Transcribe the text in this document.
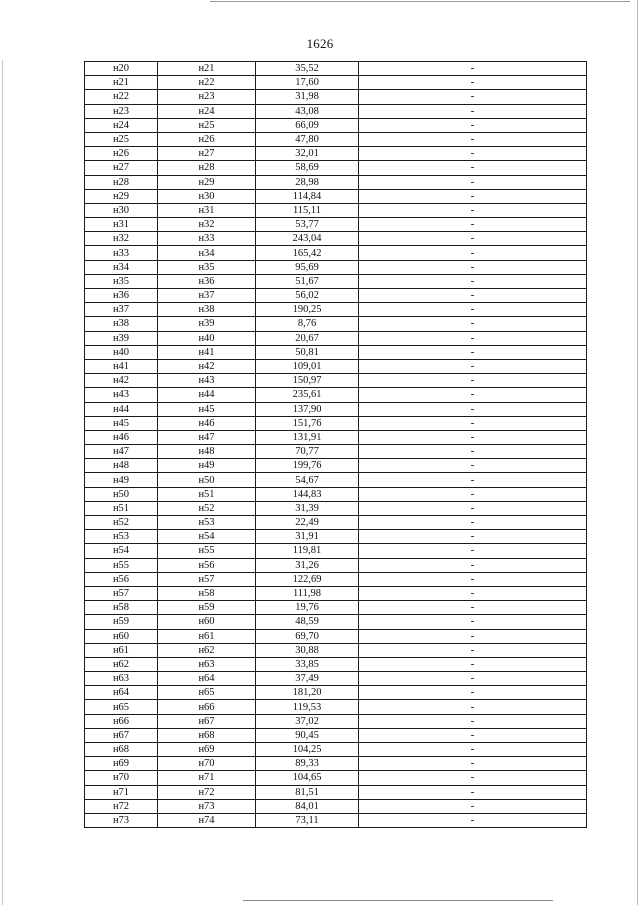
1626
н20	н21	35,52	-
н21	н22	17,60	-
н22	н23	31,98	-
н23	н24	43,08	-
н24	н25	66,09	-
н25	н26	47,80	-
н26	н27	32,01	-
н27	н28	58,69	-
н28	н29	28,98	-
н29	н30	114,84	-
н30	н31	115,11	-
н31	н32	53,77	-
н32	н33	243,04	-
н33	н34	165,42	-
н34	н35	95,69	-
н35	н36	51,67	-
н36	н37	56,02	-
н37	н38	190,25	-
н38	н39	8,76	-
н39	н40	20,67	-
н40	н41	50,81	-
н41	н42	109,01	-
н42	н43	150,97	-
н43	н44	235,61	-
н44	н45	137,90	-
н45	н46	151,76	-
н46	н47	131,91	-
н47	н48	70,77	-
н48	н49	199,76	-
н49	н50	54,67	-
н50	н51	144,83	-
н51	н52	31,39	-
н52	н53	22,49	-
н53	н54	31,91	-
н54	н55	119,81	-
н55	н56	31,26	-
н56	н57	122,69	-
н57	н58	111,98	-
н58	н59	19,76	-
н59	н60	48,59	-
н60	н61	69,70	-
н61	н62	30,88	-
н62	н63	33,85	-
н63	н64	37,49	-
н64	н65	181,20	-
н65	н66	119,53	-
н66	н67	37,02	-
н67	н68	90,45	-
н68	н69	104,25	-
н69	н70	89,33	-
н70	н71	104,65	-
н71	н72	81,51	-
н72	н73	84,01	-
н73	н74	73,11	-
